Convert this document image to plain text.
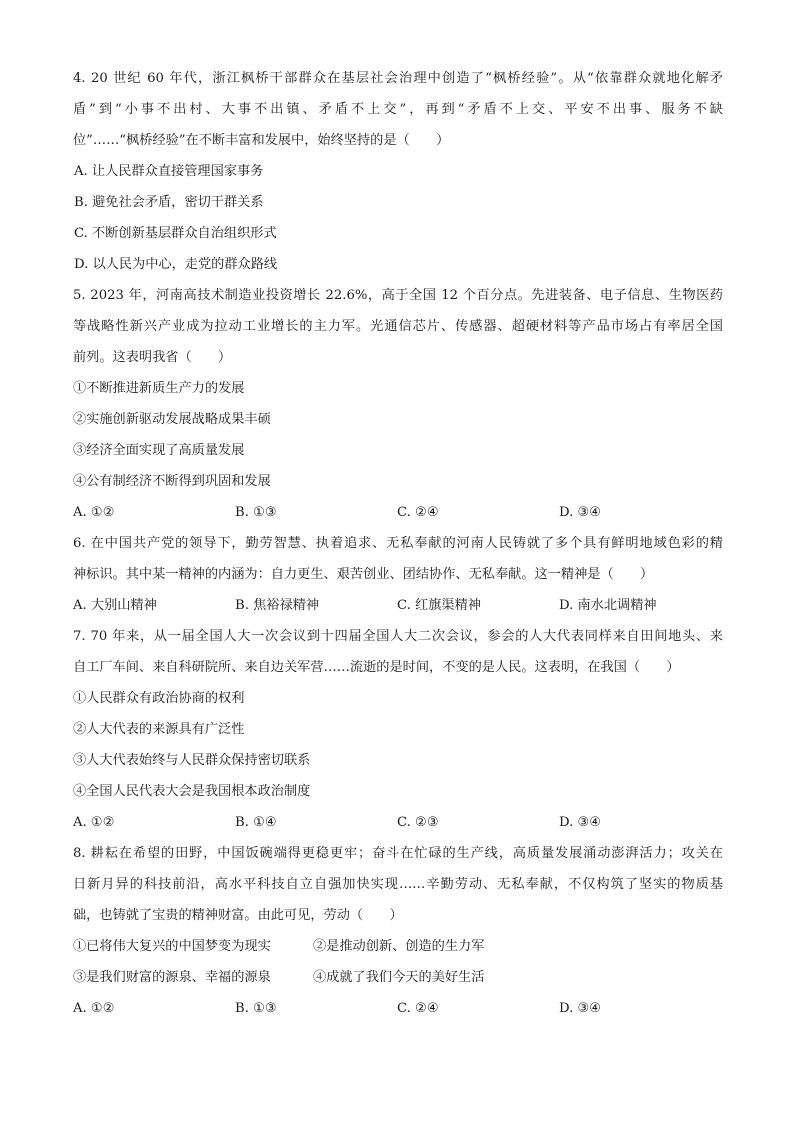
4. 20 世纪 60 年代，浙江枫桥干部群众在基层社会治理中创造了“枫桥经验”。从“依靠群众就地化解矛
盾”到“小事不出村、大事不出镇、矛盾不上交”，再到“矛盾不上交、平安不出事、服务不缺
位”……“枫桥经验”在不断丰富和发展中，始终坚持的是（　　）
A. 让人民群众直接管理国家事务
B. 避免社会矛盾，密切干群关系
C. 不断创新基层群众自治组织形式
D. 以人民为中心，走党的群众路线
5. 2023 年，河南高技术制造业投资增长 22.6%，高于全国 12 个百分点。先进装备、电子信息、生物医药
等战略性新兴产业成为拉动工业增长的主力军。光通信芯片、传感器、超硬材料等产品市场占有率居全国
前列。这表明我省（　　）
①不断推进新质生产力的发展
②实施创新驱动发展战略成果丰硕
③经济全面实现了高质量发展
④公有制经济不断得到巩固和发展
A. ①②	B. ①③	C. ②④	D. ③④
6. 在中国共产党的领导下，勤劳智慧、执着追求、无私奉献的河南人民铸就了多个具有鲜明地域色彩的精
神标识。其中某一精神的内涵为：自力更生、艰苦创业、团结协作、无私奉献。这一精神是（　　）
A. 大别山精神	B. 焦裕禄精神	C. 红旗渠精神	D. 南水北调精神
7. 70 年来，从一届全国人大一次会议到十四届全国人大二次会议，参会的人大代表同样来自田间地头、来
自工厂车间、来自科研院所、来自边关军营……流逝的是时间，不变的是人民。这表明，在我国（　　）
①人民群众有政治协商的权利
②人大代表的来源具有广泛性
③人大代表始终与人民群众保持密切联系
④全国人民代表大会是我国根本政治制度
A. ①②	B. ①④	C. ②③	D. ③④
8. 耕耘在希望的田野，中国饭碗端得更稳更牢；奋斗在忙碌的生产线，高质量发展涌动澎湃活力；攻关在
日新月异的科技前沿，高水平科技自立自强加快实现……辛勤劳动、无私奉献，不仅构筑了坚实的物质基
础，也铸就了宝贵的精神财富。由此可见，劳动（　　）
①已将伟大复兴的中国梦变为现实	②是推动创新、创造的生力军
③是我们财富的源泉、幸福的源泉	④成就了我们今天的美好生活
A. ①②	B. ①③	C. ②④	D. ③④
